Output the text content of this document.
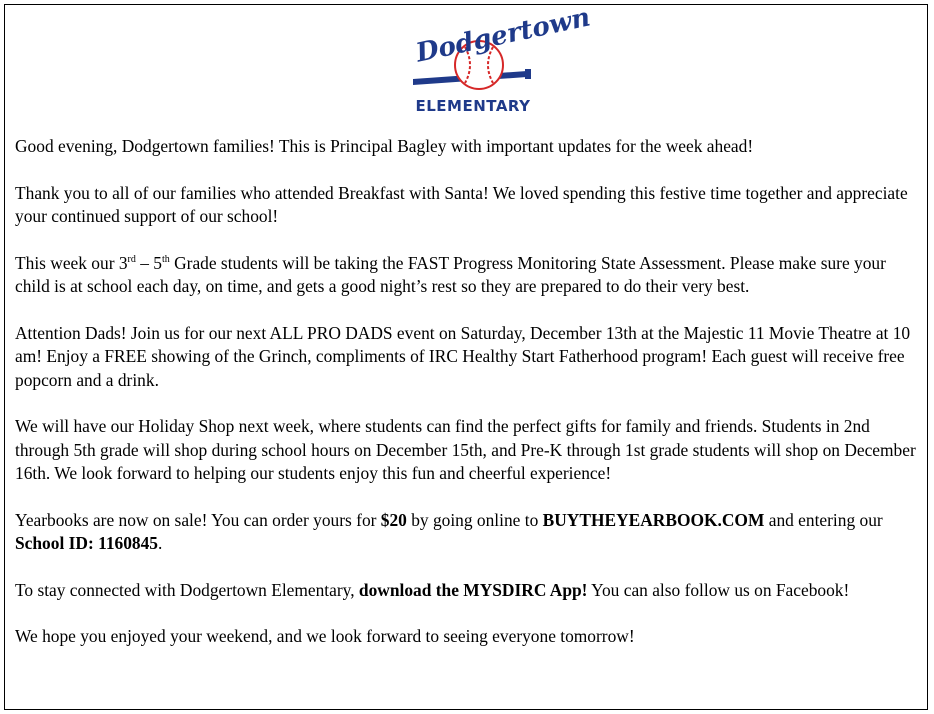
Dodgertown
ELEMENTARY

Good evening, Dodgertown families! This is Principal Bagley with important updates for the week ahead!

Thank you to all of our families who attended Breakfast with Santa! We loved spending this festive time together and appreciate your continued support of our school!

This week our 3rd – 5th Grade students will be taking the FAST Progress Monitoring State Assessment. Please make sure your child is at school each day, on time, and gets a good night’s rest so they are prepared to do their very best.

Attention Dads! Join us for our next ALL PRO DADS event on Saturday, December 13th at the Majestic 11 Movie Theatre at 10 am! Enjoy a FREE showing of the Grinch, compliments of IRC Healthy Start Fatherhood program! Each guest will receive free popcorn and a drink.

We will have our Holiday Shop next week, where students can find the perfect gifts for family and friends. Students in 2nd through 5th grade will shop during school hours on December 15th, and Pre-K through 1st grade students will shop on December 16th. We look forward to helping our students enjoy this fun and cheerful experience!

Yearbooks are now on sale! You can order yours for $20 by going online to BUYTHEYEARBOOK.COM and entering our School ID: 1160845.

To stay connected with Dodgertown Elementary, download the MYSDIRC App! You can also follow us on Facebook!

We hope you enjoyed your weekend, and we look forward to seeing everyone tomorrow!
